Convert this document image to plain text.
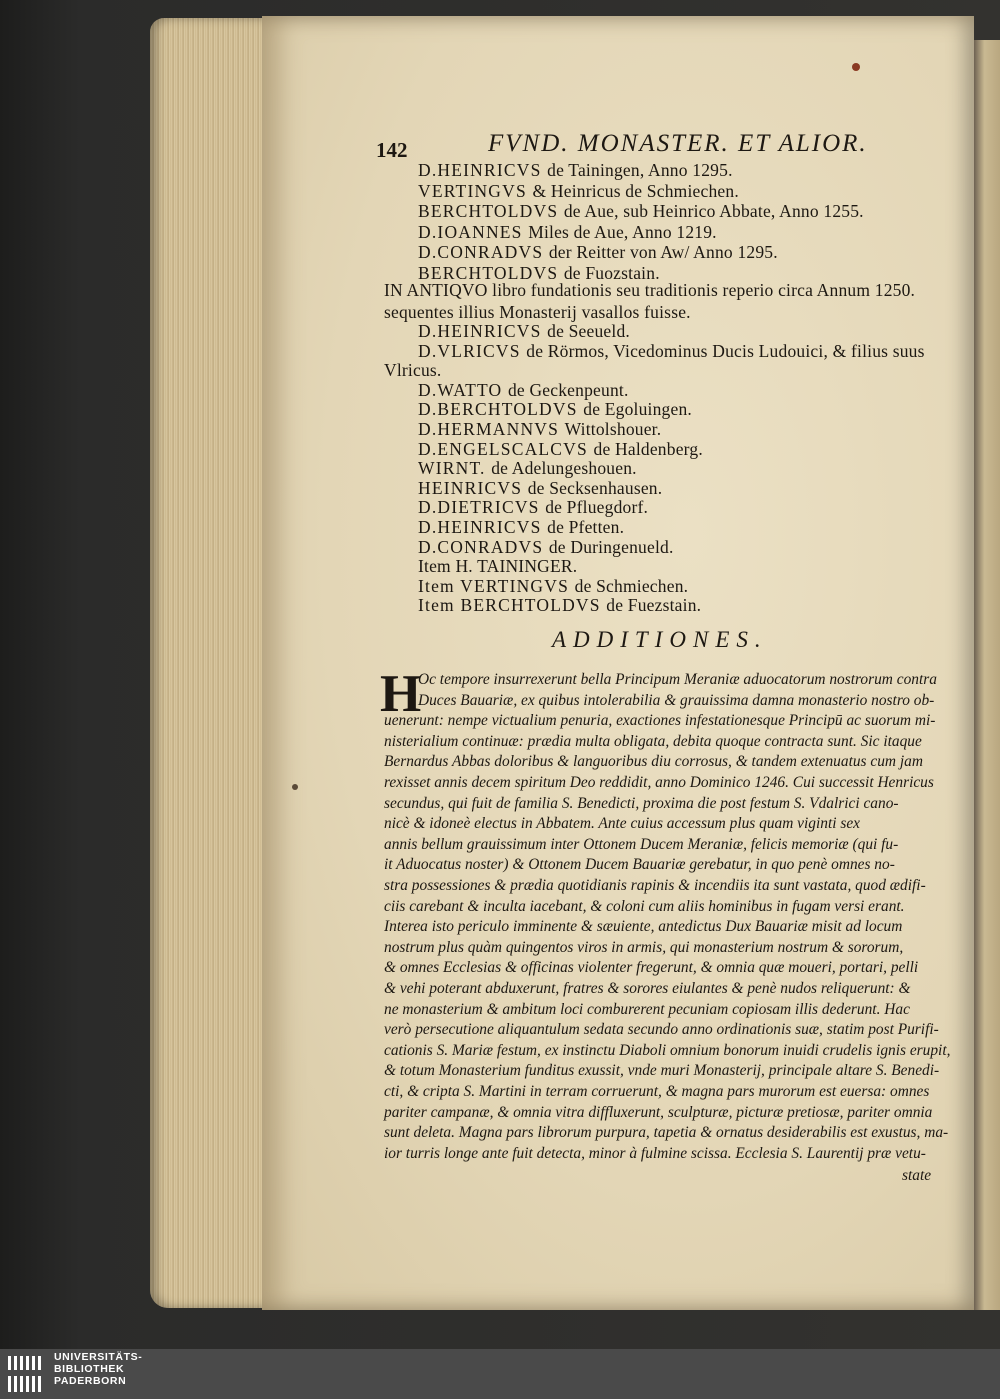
142	FVND. MONASTER. ET ALIOR.
D.HEINRICVS de Tainingen, Anno 1295.
VERTINGVS & Heinricus de Schmiechen.
BERCHTOLDVS de Aue, sub Heinrico Abbate, Anno 1255.
D.IOANNES Miles de Aue, Anno 1219.
D.CONRADVS der Reitter von Aw/ Anno 1295.
BERCHTOLDVS de Fuozstain.
IN ANTIQVO libro fundationis seu traditionis reperio circa Annum 1250.
sequentes illius Monasterij vasallos fuisse.
D.HEINRICVS de Seeueld.
D.VLRICVS de Rörmos, Vicedominus Ducis Ludouici, & filius suus
Vlricus.
D.WATTO de Geckenpeunt.
D.BERCHTOLDVS de Egoluingen.
D.HERMANNVS Wittolshouer.
D.ENGELSCALCVS de Haldenberg.
WIRNT. de Adelungeshouen.
HEINRICVS de Secksenhausen.
D.DIETRICVS de Pfluegdorf.
D.HEINRICVS de Pfetten.
D.CONRADVS de Duringenueld.
Item H. TAININGER.
Item VERTINGVS de Schmiechen.
Item BERCHTOLDVS de Fuezstain.
ADDITIONES.
H
Oc tempore insurrexerunt bella Principum Meraniæ aduocatorum nostrorum contra
Duces Bauariæ, ex quibus intolerabilia & grauissima damna monasterio nostro ob-
uenerunt: nempe victualium penuria, exactiones infestationesque Principū ac suorum mi-
nisterialium continuæ: prædia multa obligata, debita quoque contracta sunt. Sic itaque
Bernardus Abbas doloribus & languoribus diu corrosus, & tandem extenuatus cum jam
rexisset annis decem spiritum Deo reddidit, anno Dominico 1246. Cui successit Henricus
secundus, qui fuit de familia S. Benedicti, proxima die post festum S. Vdalrici cano-
nicè & idoneè electus in Abbatem. Ante cuius accessum plus quam viginti sex
annis bellum grauissimum inter Ottonem Ducem Meraniæ, felicis memoriæ (qui fu-
it Aduocatus noster) & Ottonem Ducem Bauariæ gerebatur, in quo penè omnes no-
stra possessiones & prædia quotidianis rapinis & incendiis ita sunt vastata, quod ædifi-
ciis carebant & inculta iacebant, & coloni cum aliis hominibus in fugam versi erant.
Interea isto periculo imminente & sæuiente, antedictus Dux Bauariæ misit ad locum
nostrum plus quàm quingentos viros in armis, qui monasterium nostrum & sororum,
& omnes Ecclesias & officinas violenter fregerunt, & omnia quæ moueri, portari, pelli
& vehi poterant abduxerunt, fratres & sorores eiulantes & penè nudos reliquerunt: &
ne monasterium & ambitum loci comburerent pecuniam copiosam illis dederunt. Hac
verò persecutione aliquantulum sedata secundo anno ordinationis suæ, statim post Purifi-
cationis S. Mariæ festum, ex instinctu Diaboli omnium bonorum inuidi crudelis ignis erupit,
& totum Monasterium funditus exussit, vnde muri Monasterij, principale altare S. Benedi-
cti, & cripta S. Martini in terram corruerunt, & magna pars murorum est euersa: omnes
pariter campanæ, & omnia vitra diffluxerunt, sculpturæ, picturæ pretiosæ, pariter omnia
sunt deleta. Magna pars librorum purpura, tapetia & ornatus desiderabilis est exustus, ma-
ior turris longe ante fuit detecta, minor à fulmine scissa. Ecclesia S. Laurentij præ vetu-
state
UNIVERSITÄTS-
BIBLIOTHEK
PADERBORN
